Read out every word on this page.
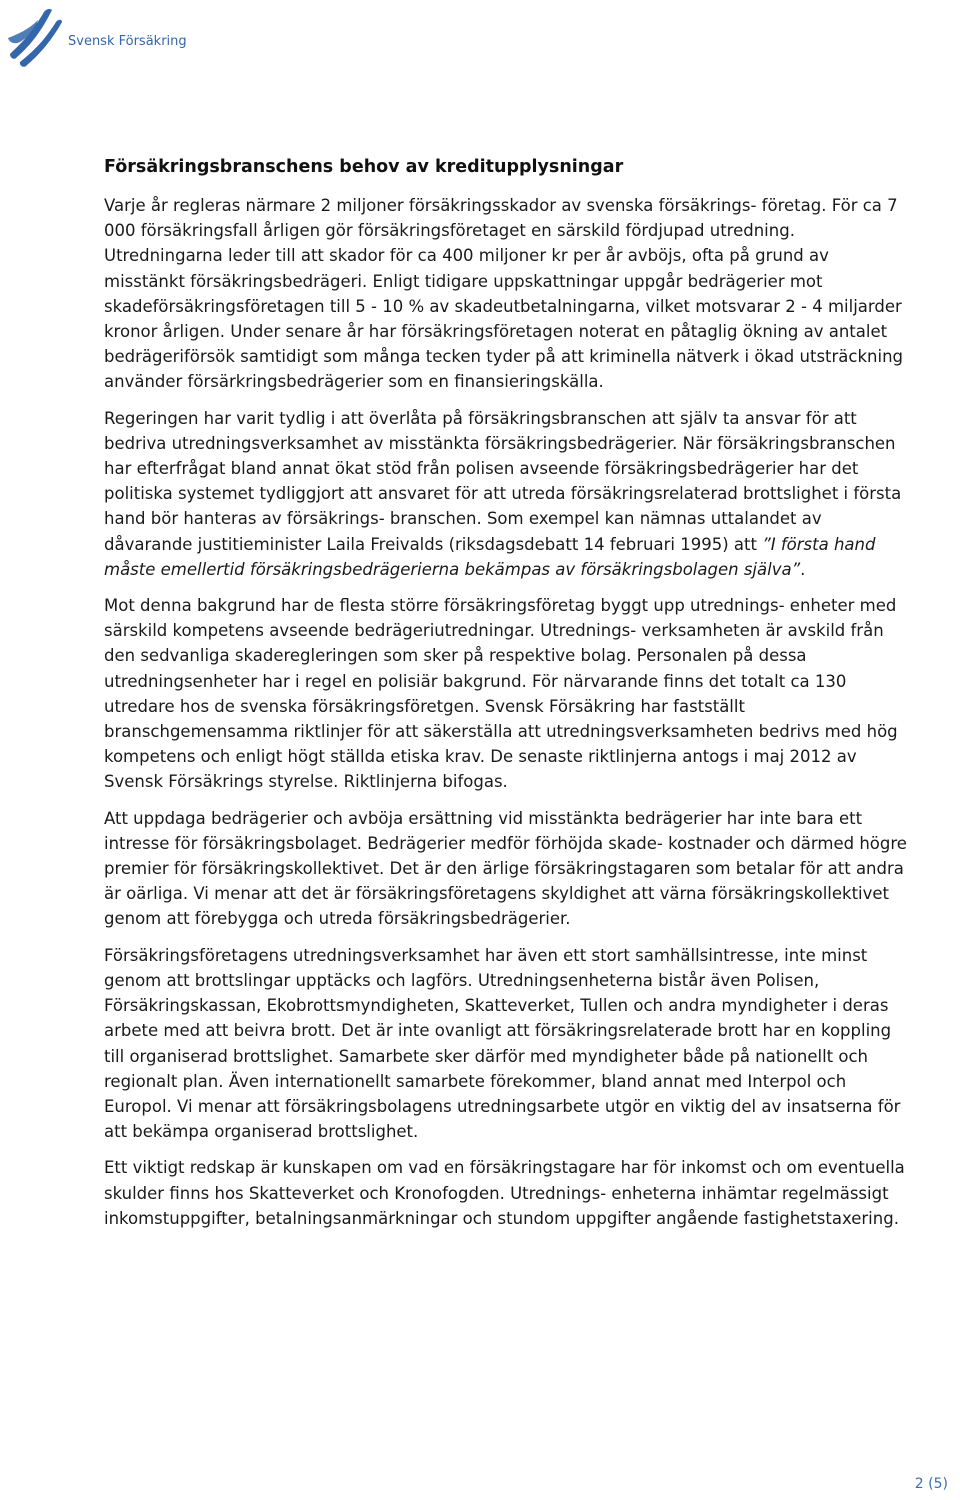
Svensk Försäkring
Försäkringsbranschens behov av kreditupplysningar

Varje år regleras närmare 2 miljoner försäkringsskador av svenska försäkrings- företag. För ca 7 000 försäkringsfall årligen gör försäkringsföretaget en särskild fördjupad utredning. Utredningarna leder till att skador för ca 400 miljoner kr per år avböjs, ofta på grund av misstänkt försäkringsbedrägeri. Enligt tidigare uppskattningar uppgår bedrägerier mot skadeförsäkringsföretagen till 5 - 10 % av skadeutbetalningarna, vilket motsvarar 2 - 4 miljarder kronor årligen. Under senare år har försäkringsföretagen noterat en påtaglig ökning av antalet bedrägeriförsök samtidigt som många tecken tyder på att kriminella nätverk i ökad utsträckning använder försärkringsbedrägerier som en finansieringskälla.

Regeringen har varit tydlig i att överlåta på försäkringsbranschen att själv ta ansvar för att bedriva utredningsverksamhet av misstänkta försäkringsbedrägerier. När försäkringsbranschen har efterfrågat bland annat ökat stöd från polisen avseende försäkringsbedrägerier har det politiska systemet tydliggjort att ansvaret för att utreda försäkringsrelaterad brottslighet i första hand bör hanteras av försäkrings- branschen. Som exempel kan nämnas uttalandet av dåvarande justitieminister Laila Freivalds (riksdagsdebatt 14 februari 1995) att ”I första hand måste emellertid försäkringsbedrägerierna bekämpas av försäkringsbolagen själva”.

Mot denna bakgrund har de flesta större försäkringsföretag byggt upp utrednings- enheter med särskild kompetens avseende bedrägeriutredningar. Utrednings- verksamheten är avskild från den sedvanliga skaderegleringen som sker på respektive bolag. Personalen på dessa utredningsenheter har i regel en polisiär bakgrund. För närvarande finns det totalt ca 130 utredare hos de svenska försäkringsföretgen. Svensk Försäkring har fastställt branschgemensamma riktlinjer för att säkerställa att utredningsverksamheten bedrivs med hög kompetens och enligt högt ställda etiska krav. De senaste riktlinjerna antogs i maj 2012 av Svensk Försäkrings styrelse. Riktlinjerna bifogas.

Att uppdaga bedrägerier och avböja ersättning vid misstänkta bedrägerier har inte bara ett intresse för försäkringsbolaget. Bedrägerier medför förhöjda skade- kostnader och därmed högre premier för försäkringskollektivet. Det är den ärlige försäkringstagaren som betalar för att andra är oärliga. Vi menar att det är försäkringsföretagens skyldighet att värna försäkringskollektivet genom att förebygga och utreda försäkringsbedrägerier.

Försäkringsföretagens utredningsverksamhet har även ett stort samhällsintresse, inte minst genom att brottslingar upptäcks och lagförs. Utredningsenheterna bistår även Polisen, Försäkringskassan, Ekobrottsmyndigheten, Skatteverket, Tullen och andra myndigheter i deras arbete med att beivra brott. Det är inte ovanligt att försäkringsrelaterade brott har en koppling till organiserad brottslighet. Samarbete sker därför med myndigheter både på nationellt och regionalt plan. Även internationellt samarbete förekommer, bland annat med Interpol och Europol. Vi menar att försäkringsbolagens utredningsarbete utgör en viktig del av insatserna för att bekämpa organiserad brottslighet.

Ett viktigt redskap är kunskapen om vad en försäkringstagare har för inkomst och om eventuella skulder finns hos Skatteverket och Kronofogden. Utrednings- enheterna inhämtar regelmässigt inkomstuppgifter, betalningsanmärkningar och stundom uppgifter angående fastighetstaxering.

2 (5)
